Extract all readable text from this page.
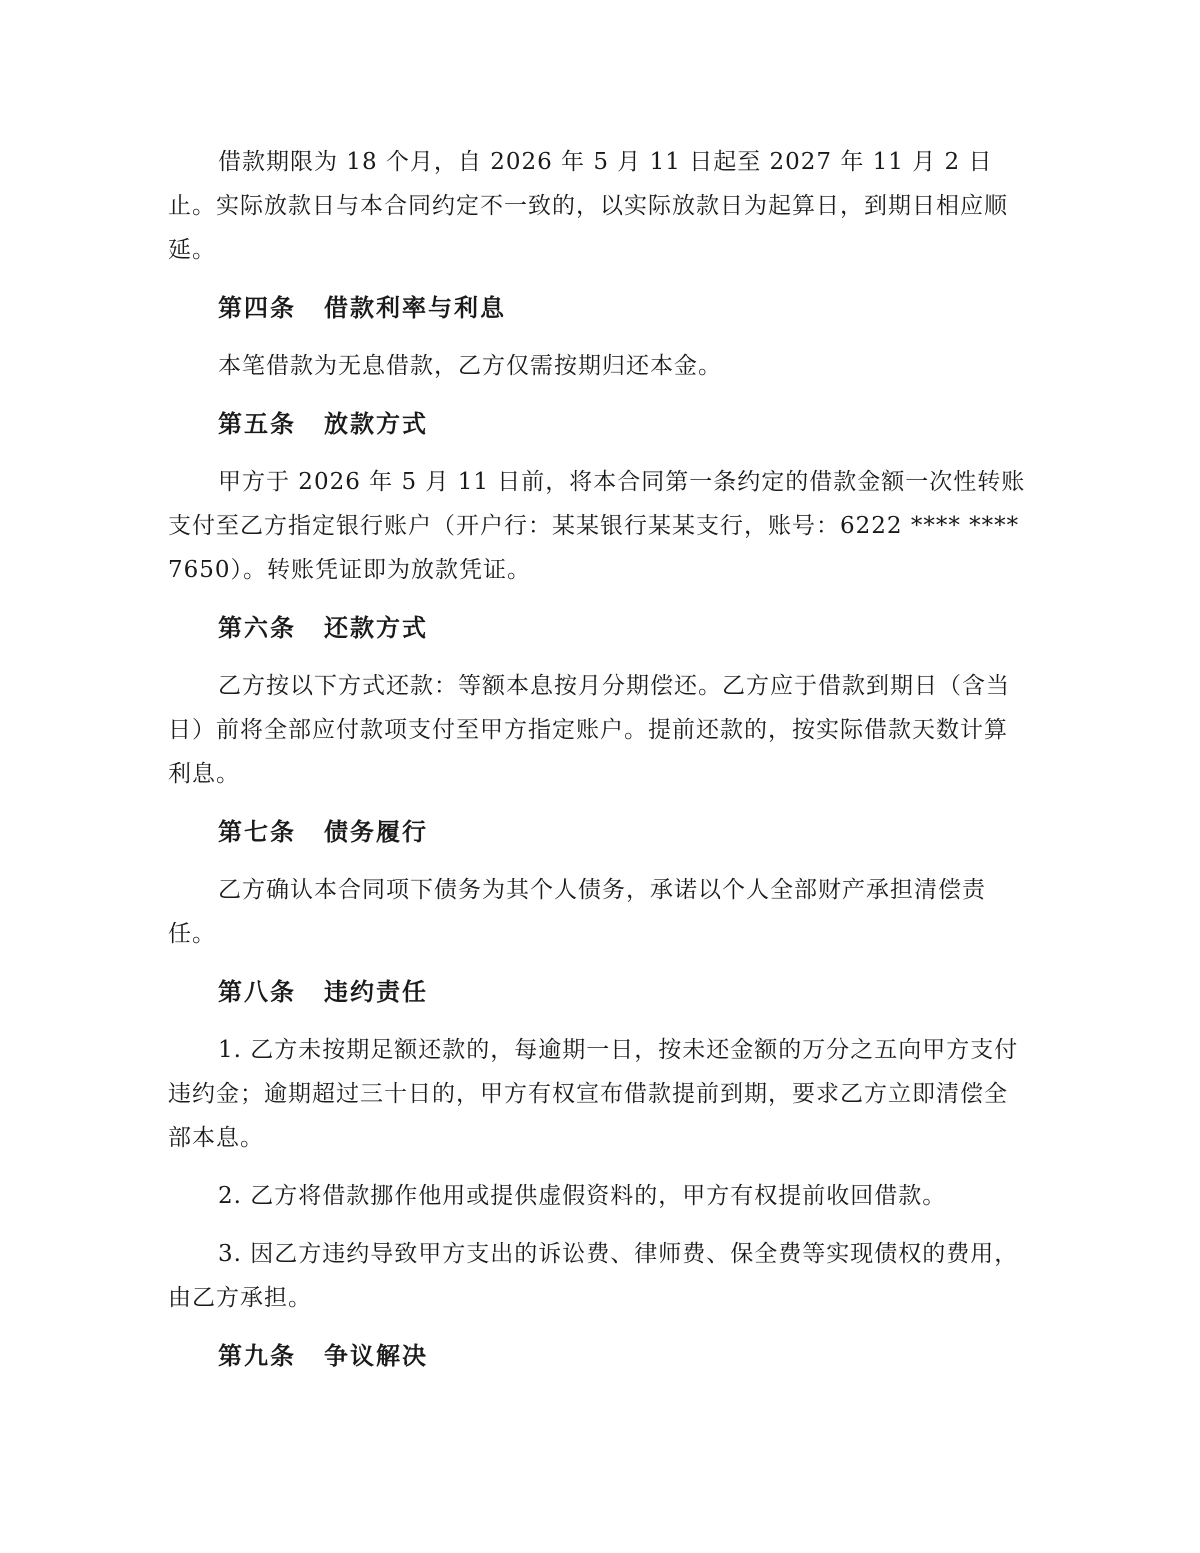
借款期限为 18 个月，自 2026 年 5 月 11 日起至 2027 年 11 月 2 日止。实际放款日与本合同约定不一致的，以实际放款日为起算日，到期日相应顺延。

第四条 借款利率与利息

本笔借款为无息借款，乙方仅需按期归还本金。

第五条 放款方式

甲方于 2026 年 5 月 11 日前，将本合同第一条约定的借款金额一次性转账支付至乙方指定银行账户（开户行：某某银行某某支行，账号：6222 **** **** 7650）。转账凭证即为放款凭证。

第六条 还款方式

乙方按以下方式还款：等额本息按月分期偿还。乙方应于借款到期日（含当日）前将全部应付款项支付至甲方指定账户。提前还款的，按实际借款天数计算利息。

第七条 债务履行

乙方确认本合同项下债务为其个人债务，承诺以个人全部财产承担清偿责任。

第八条 违约责任

1. 乙方未按期足额还款的，每逾期一日，按未还金额的万分之五向甲方支付违约金；逾期超过三十日的，甲方有权宣布借款提前到期，要求乙方立即清偿全部本息。

2. 乙方将借款挪作他用或提供虚假资料的，甲方有权提前收回借款。

3. 因乙方违约导致甲方支出的诉讼费、律师费、保全费等实现债权的费用，由乙方承担。

第九条 争议解决
